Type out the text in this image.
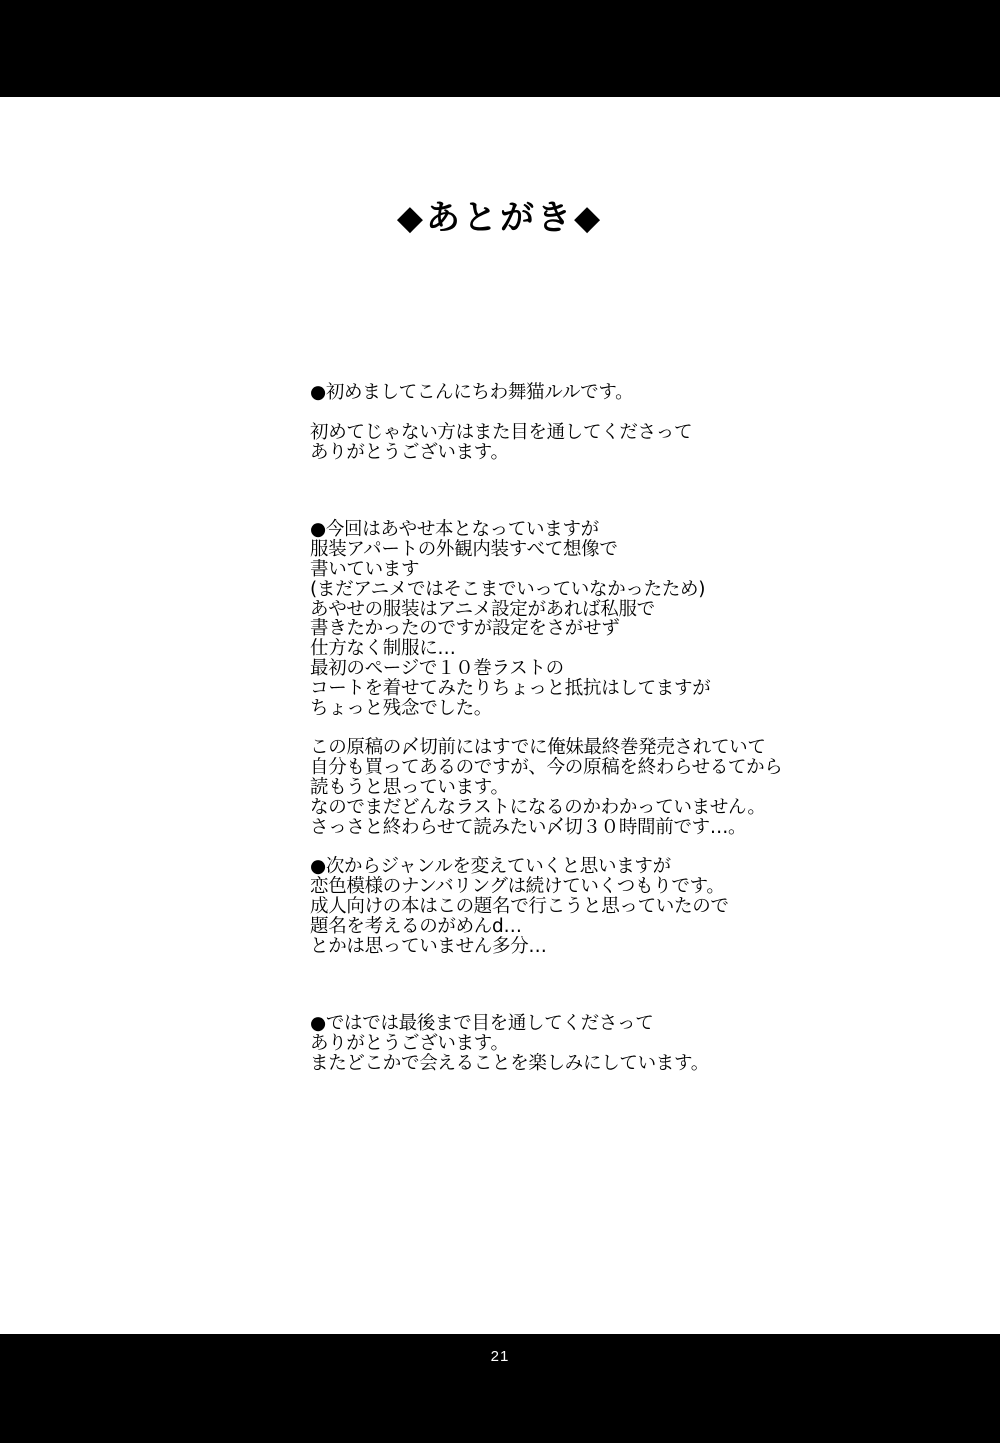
◆あとがき◆
●初めましてこんにちわ舞猫ルルです。
初めてじゃない方はまた目を通してくださって
ありがとうございます。
●今回はあやせ本となっていますが
服装アパートの外観内装すべて想像で
書いています
(まだアニメではそこまでいっていなかったため)
あやせの服装はアニメ設定があれば私服で
書きたかったのですが設定をさがせず
仕方なく制服に…
最初のページで１０巻ラストの
コートを着せてみたりちょっと抵抗はしてますが
ちょっと残念でした。
この原稿の〆切前にはすでに俺妹最終巻発売されていて
自分も買ってあるのですが、今の原稿を終わらせるてから
読もうと思っています。
なのでまだどんなラストになるのかわかっていません。
さっさと終わらせて読みたい〆切３０時間前です…。
●次からジャンルを変えていくと思いますが
恋色模様のナンバリングは続けていくつもりです。
成人向けの本はこの題名で行こうと思っていたので
題名を考えるのがめんd…
とかは思っていません多分…
●ではでは最後まで目を通してくださって
ありがとうございます。
またどこかで会えることを楽しみにしています。
21
